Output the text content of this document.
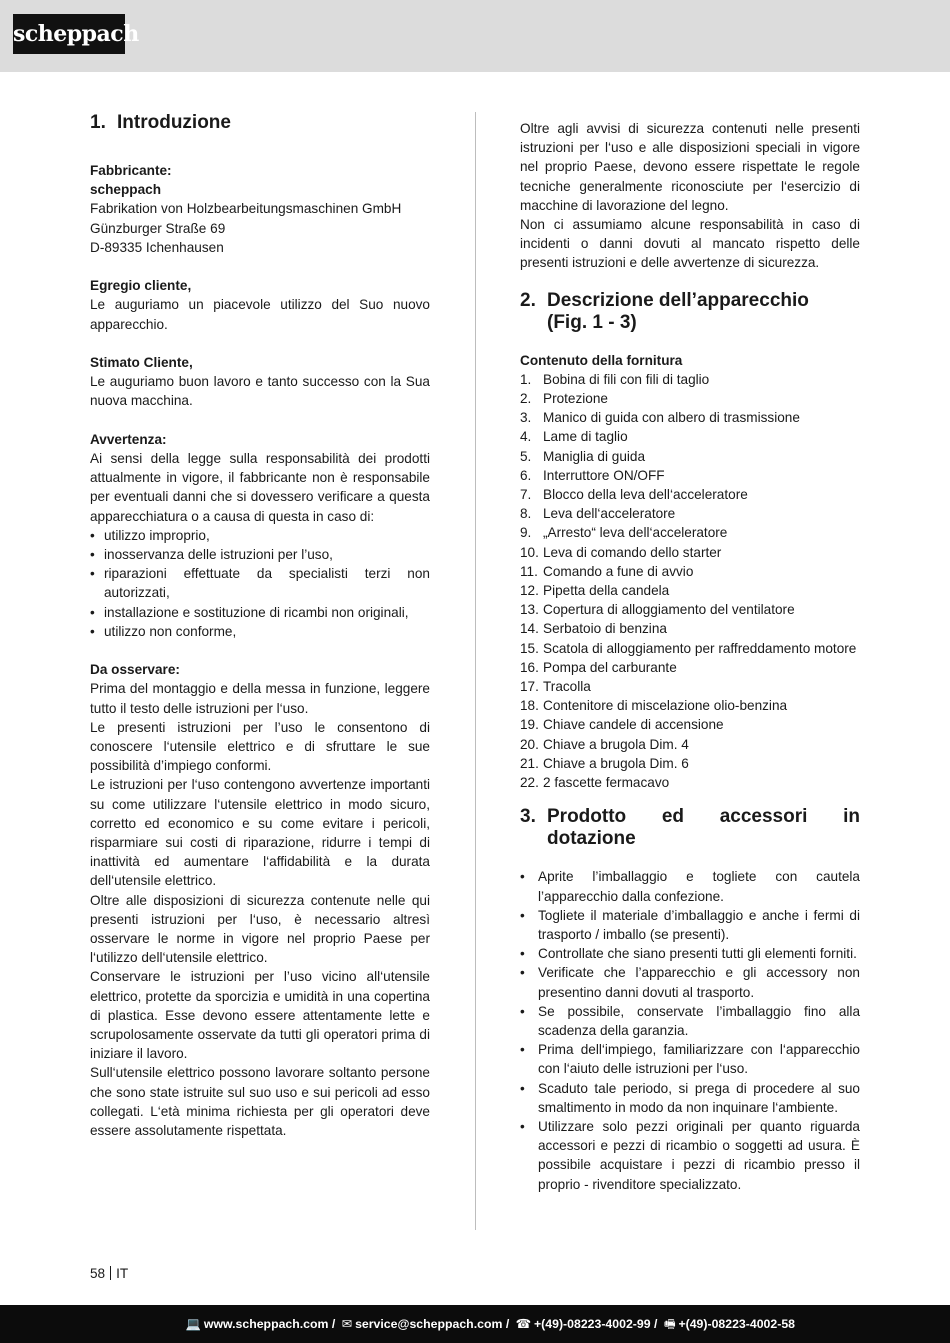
scheppach
1. Introduzione

Fabbricante:

scheppach

Fabrikation von Holzbearbeitungsmaschinen GmbH

Günzburger Straße 69

D-89335 Ichenhausen

Egregio cliente,

Le auguriamo un piacevole utilizzo del Suo nuovo apparecchio.

Stimato Cliente,

Le auguriamo buon lavoro e tanto successo con la Sua nuova macchina.

Avvertenza:

Ai sensi della legge sulla responsabilità dei prodotti attualmente in vigore, il fabbricante non è responsabile per eventuali danni che si dovessero verificare a questa apparecchiatura o a causa di questa in caso di:

• utilizzo improprio,
• inosservanza delle istruzioni per l’uso,
• riparazioni effettuate da specialisti terzi non autorizzati,
• installazione e sostituzione di ricambi non originali,
• utilizzo non conforme,

Da osservare:

Prima del montaggio e della messa in funzione, leggere tutto il testo delle istruzioni per l‘uso.

Le presenti istruzioni per l’uso le consentono di conoscere l‘utensile elettrico e di sfruttare le sue possibilità d’impiego conformi.

Le istruzioni per l‘uso contengono avvertenze importanti su come utilizzare l‘utensile elettrico in modo sicuro, corretto ed economico e su come evitare i pericoli, risparmiare sui costi di riparazione, ridurre i tempi di inattività ed aumentare l‘affidabilità e la durata dell‘utensile elettrico.

Oltre alle disposizioni di sicurezza contenute nelle qui presenti istruzioni per l‘uso, è necessario altresì osservare le norme in vigore nel proprio Paese per l‘utilizzo dell‘utensile elettrico.

Conservare le istruzioni per l’uso vicino all‘utensile elettrico, protette da sporcizia e umidità in una copertina di plastica. Esse devono essere attentamente lette e scrupolosamente osservate da tutti gli operatori prima di iniziare il lavoro.

Sull‘utensile elettrico possono lavorare soltanto persone che sono state istruite sul suo uso e sui pericoli ad esso collegati. L‘età minima richiesta per gli operatori deve essere assolutamente rispettata.

Oltre agli avvisi di sicurezza contenuti nelle presenti istruzioni per l‘uso e alle disposizioni speciali in vigore nel proprio Paese, devono essere rispettate le regole tecniche generalmente riconosciute per l‘esercizio di macchine di lavorazione del legno.

Non ci assumiamo alcune responsabilità in caso di incidenti o danni dovuti al mancato rispetto delle presenti istruzioni e delle avvertenze di sicurezza.

2. Descrizione dell’apparecchio
(Fig. 1 - 3)

Contenuto della fornitura

1. Bobina di fili con fili di taglio
2. Protezione
3. Manico di guida con albero di trasmissione
4. Lame di taglio
5. Maniglia di guida
6. Interruttore ON/OFF
7. Blocco della leva dell‘acceleratore
8. Leva dell‘acceleratore
9. „Arresto“ leva dell‘acceleratore
10. Leva di comando dello starter
11. Comando a fune di avvio
12. Pipetta della candela
13. Copertura di alloggiamento del ventilatore
14. Serbatoio di benzina
15. Scatola di alloggiamento per raffreddamento motore
16. Pompa del carburante
17. Tracolla
18. Contenitore di miscelazione olio-benzina
19. Chiave candele di accensione
20. Chiave a brugola Dim. 4
21. Chiave a brugola Dim. 6
22. 2 fascette fermacavo
3. Prodotto ed accessori in dotazione
• Aprite l’imballaggio e togliete con cautela l’apparecchio dalla confezione.
• Togliete il materiale d’imballaggio e anche i fermi di trasporto / imballo (se presenti).
• Controllate che siano presenti tutti gli elementi forniti.
• Verificate che l’apparecchio e gli accessory non presentino danni dovuti al trasporto.
• Se possibile, conservate l’imballaggio fino alla scadenza della garanzia.
• Prima dell‘impiego, familiarizzare con l‘apparecchio con l‘aiuto delle istruzioni per l‘uso.
• Scaduto tale periodo, si prega di procedere al suo smaltimento in modo da non inquinare l‘ambiente.
• Utilizzare solo pezzi originali per quanto riguarda accessori e pezzi di ricambio o soggetti ad usura. È possibile acquistare i pezzi di ricambio presso il proprio - rivenditore specializzato.
58 IT
💻 www.scheppach.com / ✉ service@scheppach.com / ☎ +(49)-08223-4002-99 / 🖷 +(49)-08223-4002-58
